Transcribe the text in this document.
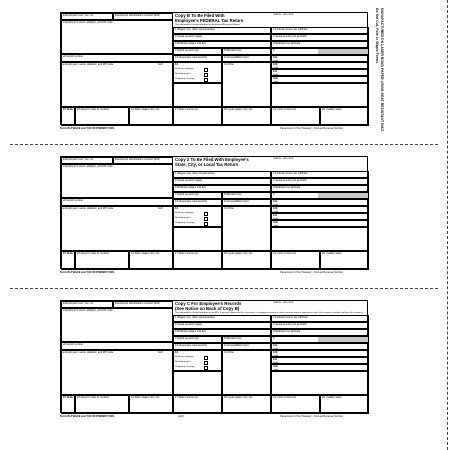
MANUFACTURED ON LASER BOND PAPER USING HEAT RESISTANT INKS
Do Not Cut, Fold or Staple Forms
a Employee's soc. sec. no.	b Employer identification number (EIN)	Copy B To Be Filed With
Employee's FEDERAL Tax Return
OMB No. 1545-0008
This information is being furnished to the Internal Revenue Service.
c Employer's name, address, and ZIP code
d Control number
e Employee's name, address, and ZIP code	Suff.
1 Wages, tips, other compensation	2 Federal income tax withheld
3 Social security wages	4 Social security tax withheld
5 Medicare wages and tips	6 Medicare tax withheld
7 Social security tips	8 Allocated tips	9
10 Dependent care benefits	11 Nonqualified plans	12a
Code
12b
Code
12c
Code
12d
Code
13
Statutory employee
Retirement plan
Third-party sick pay
14 Other
15 State Employer's state ID number	16 State wages, tips, etc.	17 State income tax	18 Local wages, tips, etc.	19 Local income tax	20 Locality name
a Employee's soc. sec. no.	b Employer identification number (EIN)	Copy 2 To Be Filed With Employee's
State, City, or Local Tax Return
OMB No. 1545-0008
c Employer's name, address, and ZIP code
d Control number
e Employee's name, address, and ZIP code	Suff.
1 Wages, tips, other compensation	2 Federal income tax withheld
3 Social security wages	4 Social security tax withheld
5 Medicare wages and tips	6 Medicare tax withheld
7 Social security tips	8 Allocated tips	9
10 Dependent care benefits	11 Nonqualified plans	12a
Code
12b
Code
12c
Code
12d
Code
13
Statutory employee
Retirement plan
Third-party sick pay
14 Other
15 State Employer's state ID number	16 State wages, tips, etc.	17 State income tax	18 Local wages, tips, etc.	19 Local income tax	20 Locality name
a Employee's soc. sec. no.	b Employer identification number (EIN)	Copy C For Employee's Records
(See Notice on Back of Copy B)
OMB No. 1545-0008
This information is being furnished to the IRS. If you are required to file a tax return, a negligence penalty or other sanction may be imposed on you if this income is taxable and you fail to report it.
c Employer's name, address, and ZIP code
d Control number
e Employee's name, address, and ZIP code	Suff.
1 Wages, tips, other compensation	2 Federal income tax withheld
3 Social security wages	4 Social security tax withheld
5 Medicare wages and tips	6 Medicare tax withheld
7 Social security tips	8 Allocated tips	9
10 Dependent care benefits	11 Nonqualified plans	12a
Code
12b
Code
12c
Code
12d
Code
13
Statutory employee
Retirement plan
Third-party sick pay
14 Other
15 State Employer's state ID number	16 State wages, tips, etc.	17 State income tax	18 Local wages, tips, etc.	19 Local income tax	20 Locality name
Form W-2 WAGE and TAX STATEMENT 2021	Department of the Treasury - Internal Revenue Service
Form W-2 WAGE and TAX STATEMENT 2021	Department of the Treasury - Internal Revenue Service
Form W-2 WAGE and TAX STATEMENT 2021	LW-P	Department of the Treasury - Internal Revenue Service
